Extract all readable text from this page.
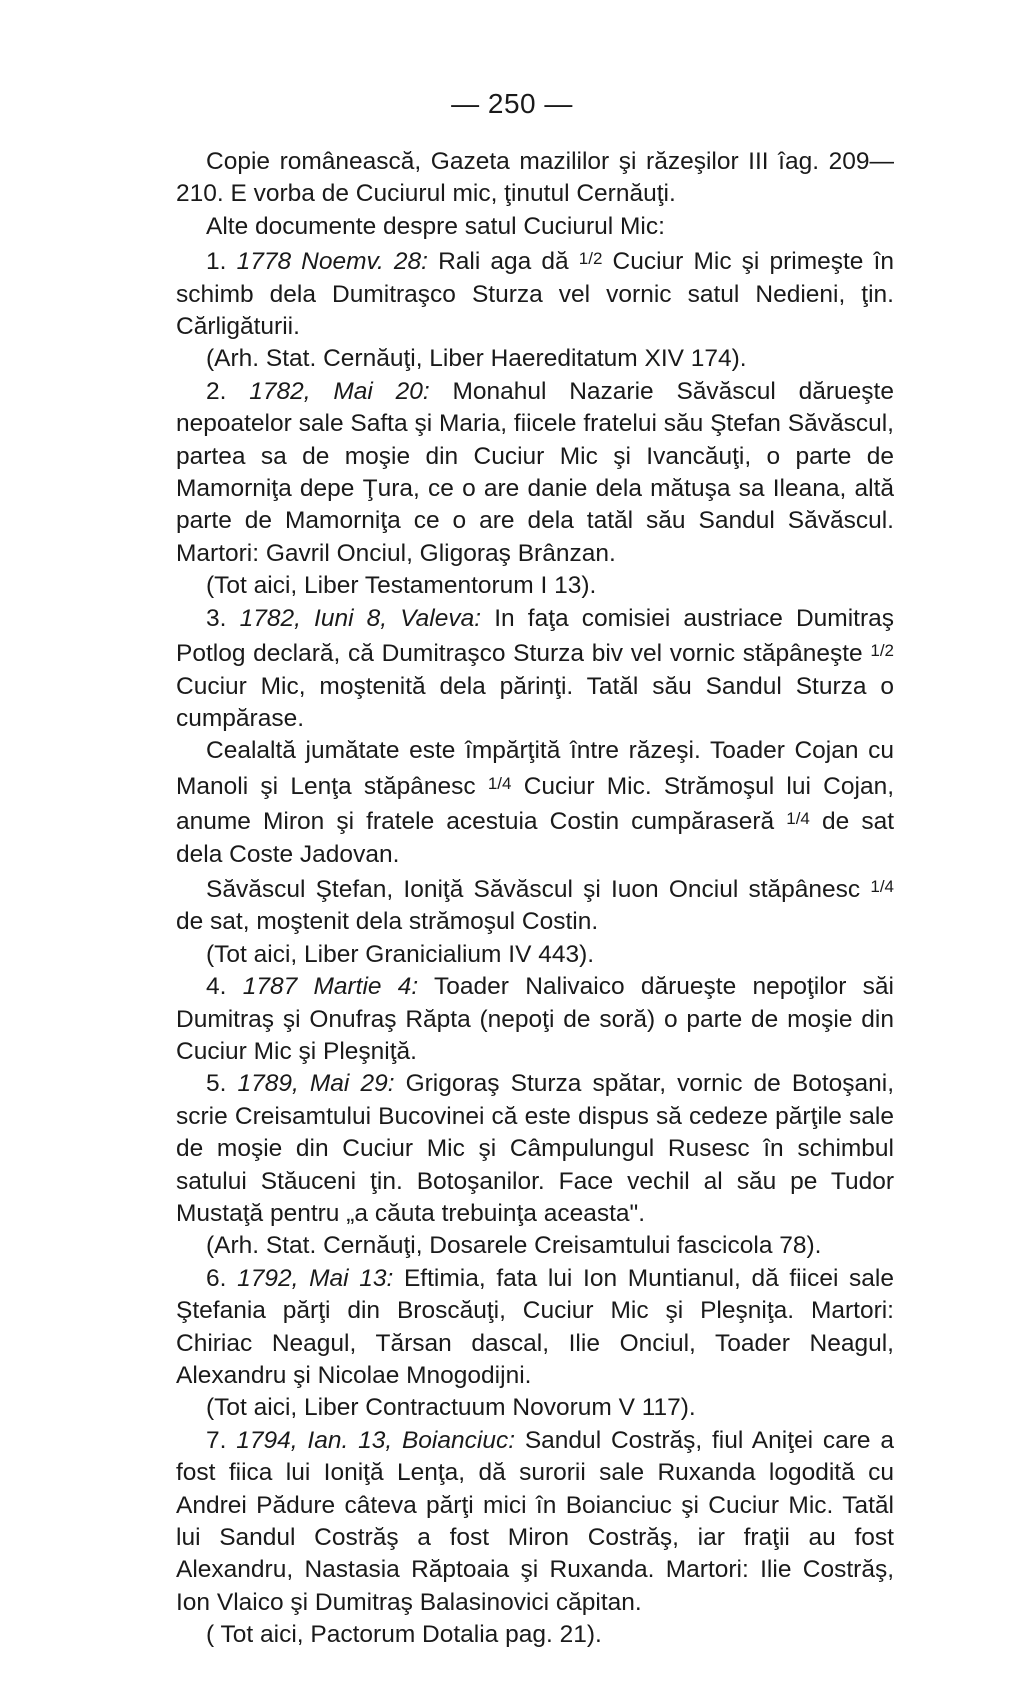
— 250 —

Copie românească, Gazeta mazililor şi răzeşilor III îag. 209—210. E vorba de Cuciurul mic, ţinutul Cernăuţi.

Alte documente despre satul Cuciurul Mic:

1. 1778 Noemv. 28: Rali aga dă $^{1/2}$ Cuciur Mic şi primeşte în schimb dela Dumitraşco Sturza vel vornic satul Nedieni, ţin. Cărligăturii.

(Arh. Stat. Cernăuţi, Liber Haereditatum XIV 174).

2. 1782, Mai 20: Monahul Nazarie Săvăscul dărueşte nepoatelor sale Safta şi Maria, fiicele fratelui său Ştefan Săvăscul, partea sa de moşie din Cuciur Mic şi Ivancăuţi, o parte de Mamorniţa depe Ţura, ce o are danie dela mătuşa sa Ileana, altă parte de Mamorniţa ce o are dela tatăl său Sandul Săvăscul. Martori: Gavril Onciul, Gligoraş Brânzan.

(Tot aici, Liber Testamentorum I 13).

3. 1782, Iuni 8, Valeva: In faţa comisiei austriace Dumitraş Potlog declară, că Dumitraşco Sturza biv vel vornic stăpâneşte $^{1/2}$ Cuciur Mic, moştenită dela părinţi. Tatăl său Sandul Sturza o cumpărase.

Cealaltă jumătate este împărţită între răzeşi. Toader Cojan cu Manoli şi Lenţa stăpânesc $^{1/4}$ Cuciur Mic. Strămoşul lui Cojan, anume Miron şi fratele acestuia Costin cumpăraseră $^{1/4}$ de sat dela Coste Jadovan.

Săvăscul Ştefan, Ioniţă Săvăscul şi Iuon Onciul stăpânesc $^{1/4}$ de sat, moştenit dela strămoşul Costin.

(Tot aici, Liber Granicialium IV 443).

4. 1787 Martie 4: Toader Nalivaico dărueşte nepoţilor săi Dumitraş şi Onufraş Răpta (nepoţi de soră) o parte de moşie din Cuciur Mic şi Pleşniţă.

5. 1789, Mai 29: Grigoraş Sturza spătar, vornic de Botoşani, scrie Creisamtului Bucovinei că este dispus să cedeze părţile sale de moşie din Cuciur Mic şi Câmpulungul Rusesc în schimbul satului Stăuceni ţin. Botoşanilor. Face vechil al său pe Tudor Mustaţă pentru „a căuta trebuinţa aceasta".

(Arh. Stat. Cernăuţi, Dosarele Creisamtului fascicola 78).

6. 1792, Mai 13: Eftimia, fata lui Ion Muntianul, dă fiicei sale Ştefania părţi din Broscăuţi, Cuciur Mic şi Pleşniţa. Martori: Chiriac Neagul, Tărsan dascal, Ilie Onciul, Toader Neagul, Alexandru şi Nicolae Mnogodijni.

(Tot aici, Liber Contractuum Novorum V 117).

7. 1794, Ian. 13, Boianciuc: Sandul Costrăş, fiul Aniţei care a fost fiica lui Ioniţă Lenţa, dă surorii sale Ruxanda logodită cu Andrei Pădure câteva părţi mici în Boianciuc şi Cuciur Mic. Tatăl lui Sandul Costrăş a fost Miron Costrăş, iar fraţii au fost Alexandru, Nastasia Răptoaia şi Ruxanda. Martori: Ilie Costrăş, Ion Vlaico şi Dumitraş Balasinovici căpitan.

( Tot aici, Pactorum Dotalia pag. 21).
